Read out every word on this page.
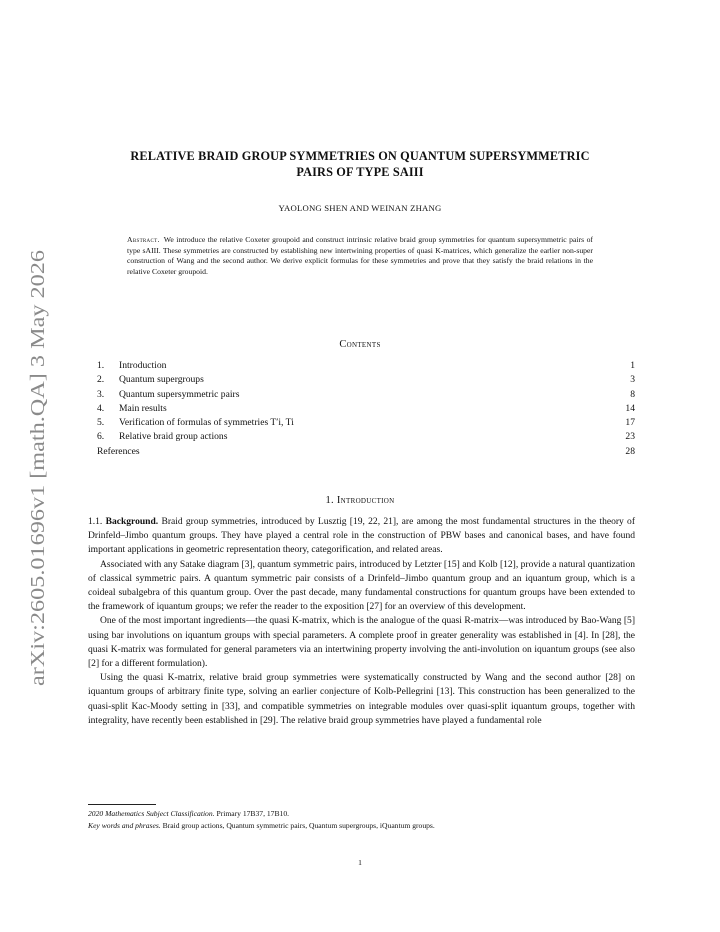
arXiv:2605.01696v1 [math.QA] 3 May 2026
RELATIVE BRAID GROUP SYMMETRIES ON QUANTUM SUPERSYMMETRIC
PAIRS OF TYPE SAIII
YAOLONG SHEN AND WEINAN ZHANG
Abstract. We introduce the relative Coxeter groupoid and construct intrinsic relative braid group symmetries for quantum supersymmetric pairs of type sAIII. These symmetries are constructed by establishing new intertwining properties of quasi K-matrices, which generalize the earlier non-super construction of Wang and the second author. We derive explicit formulas for these symmetries and prove that they satisfy the braid relations in the relative Coxeter groupoid.
Contents
1. Introduction	1
2. Quantum supergroups	3
3. Quantum supersymmetric pairs	8
4. Main results	14
5. Verification of formulas of symmetries T′i, Ti	17
6. Relative braid group actions	23
References	28
1. Introduction

1.1. Background. Braid group symmetries, introduced by Lusztig [19, 22, 21], are among the most fundamental structures in the theory of Drinfeld–Jimbo quantum groups. They have played a central role in the construction of PBW bases and canonical bases, and have found important applications in geometric representation theory, categorification, and related areas.

Associated with any Satake diagram [3], quantum symmetric pairs, introduced by Letzter [15] and Kolb [12], provide a natural quantization of classical symmetric pairs. A quantum symmetric pair consists of a Drinfeld–Jimbo quantum group and an iquantum group, which is a coideal subalgebra of this quantum group. Over the past decade, many fundamental constructions for quantum groups have been extended to the framework of iquantum groups; we refer the reader to the exposition [27] for an overview of this development.

One of the most important ingredients—the quasi K-matrix, which is the analogue of the quasi R-matrix—was introduced by Bao-Wang [5] using bar involutions on iquantum groups with special parameters. A complete proof in greater generality was established in [4]. In [28], the quasi K-matrix was formulated for general parameters via an intertwining property involving the anti-involution on iquantum groups (see also [2] for a different formulation).

Using the quasi K-matrix, relative braid group symmetries were systematically constructed by Wang and the second author [28] on iquantum groups of arbitrary finite type, solving an earlier conjecture of Kolb-Pellegrini [13]. This construction has been generalized to the quasi-split Kac-Moody setting in [33], and compatible symmetries on integrable modules over quasi-split iquantum groups, together with integrality, have recently been established in [29]. The relative braid group symmetries have played a fundamental role

2020 Mathematics Subject Classification. Primary 17B37, 17B10.
Key words and phrases. Braid group actions, Quantum symmetric pairs, Quantum supergroups, iQuantum groups.
1
